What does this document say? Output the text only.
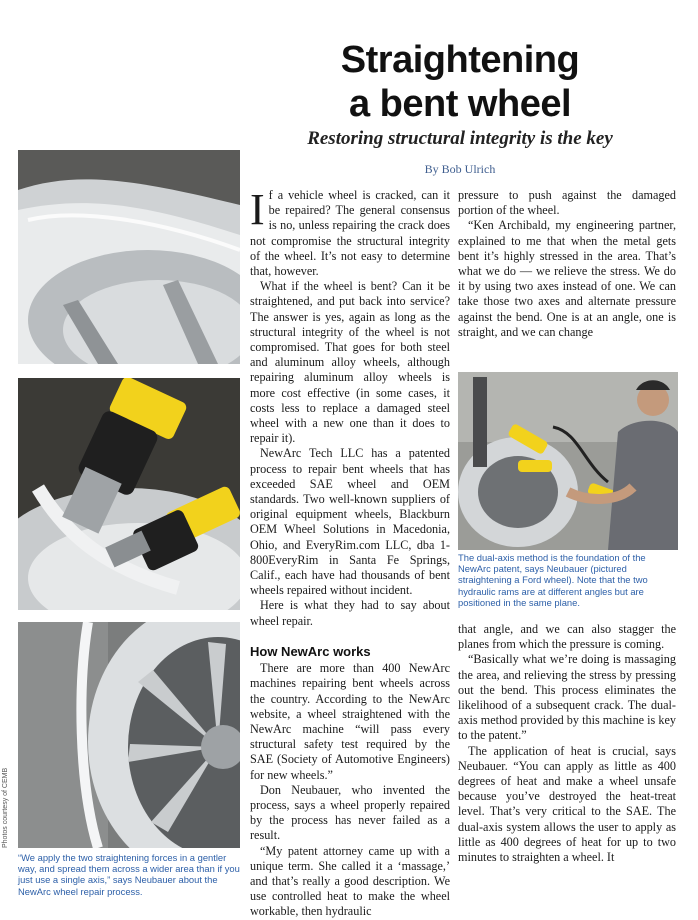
Straightening
a bent wheel
Restoring structural integrity is the key
By Bob Ulrich

If a vehicle wheel is cracked, can it be repaired? The general consensus is no, unless repairing the crack does not compromise the structural integrity of the wheel. It’s not easy to determine that, however.

What if the wheel is bent? Can it be straightened, and put back into service? The answer is yes, again as long as the structural integrity of the wheel is not compromised. That goes for both steel and aluminum alloy wheels, although repairing aluminum alloy wheels is more cost effective (in some cases, it costs less to replace a damaged steel wheel with a new one than it does to repair it).

NewArc Tech LLC has a patented process to repair bent wheels that has exceeded SAE wheel and OEM standards. Two well-known suppliers of original equipment wheels, Blackburn OEM Wheel Solutions in Macedonia, Ohio, and EveryRim.com LLC, dba 1-800EveryRim in Santa Fe Springs, Calif., each have had thousands of bent wheels repaired without incident.

Here is what they had to say about wheel repair.

How NewArc works

There are more than 400 NewArc machines repairing bent wheels across the country. According to the NewArc website, a wheel straightened with the NewArc machine “will pass every structural safety test required by the SAE (Society of Automotive Engineers) for new wheels.”

Don Neubauer, who invented the process, says a wheel properly repaired by the process has never failed as a result.

“My patent attorney came up with a unique term. She called it a ‘massage,’ and that’s really a good description. We use controlled heat to make the wheel workable, then hydraulic

pressure to push against the damaged portion of the wheel.

“Ken Archibald, my engineering partner, explained to me that when the metal gets bent it’s highly stressed in the area. That’s what we do — we relieve the stress. We do it by using two axes instead of one. We can take those two axes and alternate pressure against the bend. One is at an angle, one is straight, and we can change

that angle, and we can also stagger the planes from which the pressure is coming.

“Basically what we’re doing is massaging the area, and relieving the stress by pressing out the bend. This process eliminates the likelihood of a subsequent crack. The dual-axis method provided by this machine is key to the patent.”

The application of heat is crucial, says Neubauer. “You can apply as little as 400 degrees of heat and make a wheel unsafe because you’ve destroyed the heat-treat level. That’s very critical to the SAE. The dual-axis system allows the user to apply as little as 400 degrees of heat for up to two minutes to straighten a wheel. It

The dual-axis method is the foundation of the NewArc patent, says Neubauer (pictured straightening a Ford wheel). Note that the two hydraulic rams are at different angles but are positioned in the same plane.
“We apply the two straightening forces in a gentler way, and spread them across a wider area than if you just use a single axis,” says Neubauer about the NewArc wheel repair process.
Photos courtesy of CEMB
